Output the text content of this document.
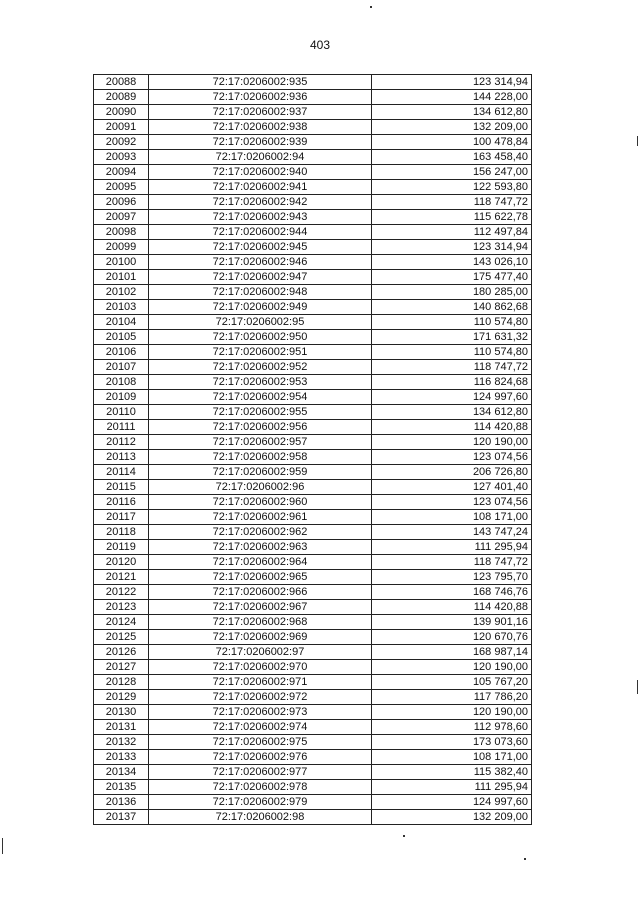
403
20088	72:17:0206002:935	123 314,94
20089	72:17:0206002:936	144 228,00
20090	72:17:0206002:937	134 612,80
20091	72:17:0206002:938	132 209,00
20092	72:17:0206002:939	100 478,84
20093	72:17:0206002:94	163 458,40
20094	72:17:0206002:940	156 247,00
20095	72:17:0206002:941	122 593,80
20096	72:17:0206002:942	118 747,72
20097	72:17:0206002:943	115 622,78
20098	72:17:0206002:944	112 497,84
20099	72:17:0206002:945	123 314,94
20100	72:17:0206002:946	143 026,10
20101	72:17:0206002:947	175 477,40
20102	72:17:0206002:948	180 285,00
20103	72:17:0206002:949	140 862,68
20104	72:17:0206002:95	110 574,80
20105	72:17:0206002:950	171 631,32
20106	72:17:0206002:951	110 574,80
20107	72:17:0206002:952	118 747,72
20108	72:17:0206002:953	116 824,68
20109	72:17:0206002:954	124 997,60
20110	72:17:0206002:955	134 612,80
20111	72:17:0206002:956	114 420,88
20112	72:17:0206002:957	120 190,00
20113	72:17:0206002:958	123 074,56
20114	72:17:0206002:959	206 726,80
20115	72:17:0206002:96	127 401,40
20116	72:17:0206002:960	123 074,56
20117	72:17:0206002:961	108 171,00
20118	72:17:0206002:962	143 747,24
20119	72:17:0206002:963	111 295,94
20120	72:17:0206002:964	118 747,72
20121	72:17:0206002:965	123 795,70
20122	72:17:0206002:966	168 746,76
20123	72:17:0206002:967	114 420,88
20124	72:17:0206002:968	139 901,16
20125	72:17:0206002:969	120 670,76
20126	72:17:0206002:97	168 987,14
20127	72:17:0206002:970	120 190,00
20128	72:17:0206002:971	105 767,20
20129	72:17:0206002:972	117 786,20
20130	72:17:0206002:973	120 190,00
20131	72:17:0206002:974	112 978,60
20132	72:17:0206002:975	173 073,60
20133	72:17:0206002:976	108 171,00
20134	72:17:0206002:977	115 382,40
20135	72:17:0206002:978	111 295,94
20136	72:17:0206002:979	124 997,60
20137	72:17:0206002:98	132 209,00
